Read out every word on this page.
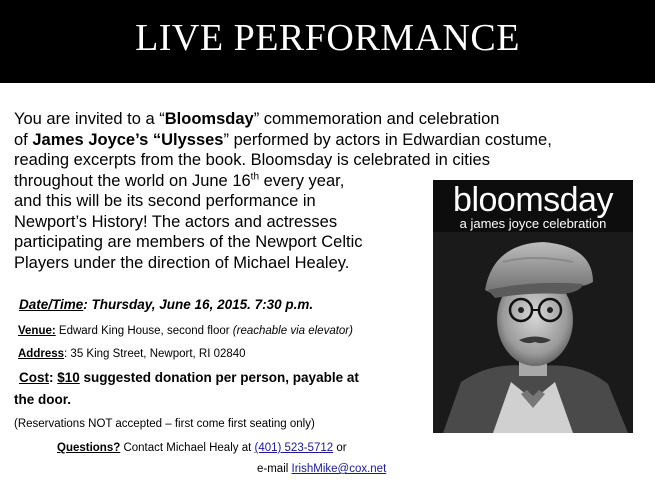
LIVE PERFORMANCE
You are invited to a “Bloomsday” commemoration and celebration
of James Joyce’s “Ulysses” performed by actors in Edwardian costume,
reading excerpts from the book. Bloomsday is celebrated in cities
throughout the world on June 16th every year,
and this will be its second performance in
Newport’s History! The actors and actresses
participating are members of the Newport Celtic
Players under the direction of Michael Healey.
Date/Time: Thursday, June 16, 2015. 7:30 p.m.
Venue: Edward King House, second floor (reachable via elevator)
Address: 35 King Street, Newport, RI 02840
Cost: $10 suggested donation per person, payable at
the door.
(Reservations NOT accepted – first come first seating only)
Questions? Contact Michael Healy at (401) 523-5712 or
e-mail IrishMike@cox.net
bloomsday
a james joyce celebration
